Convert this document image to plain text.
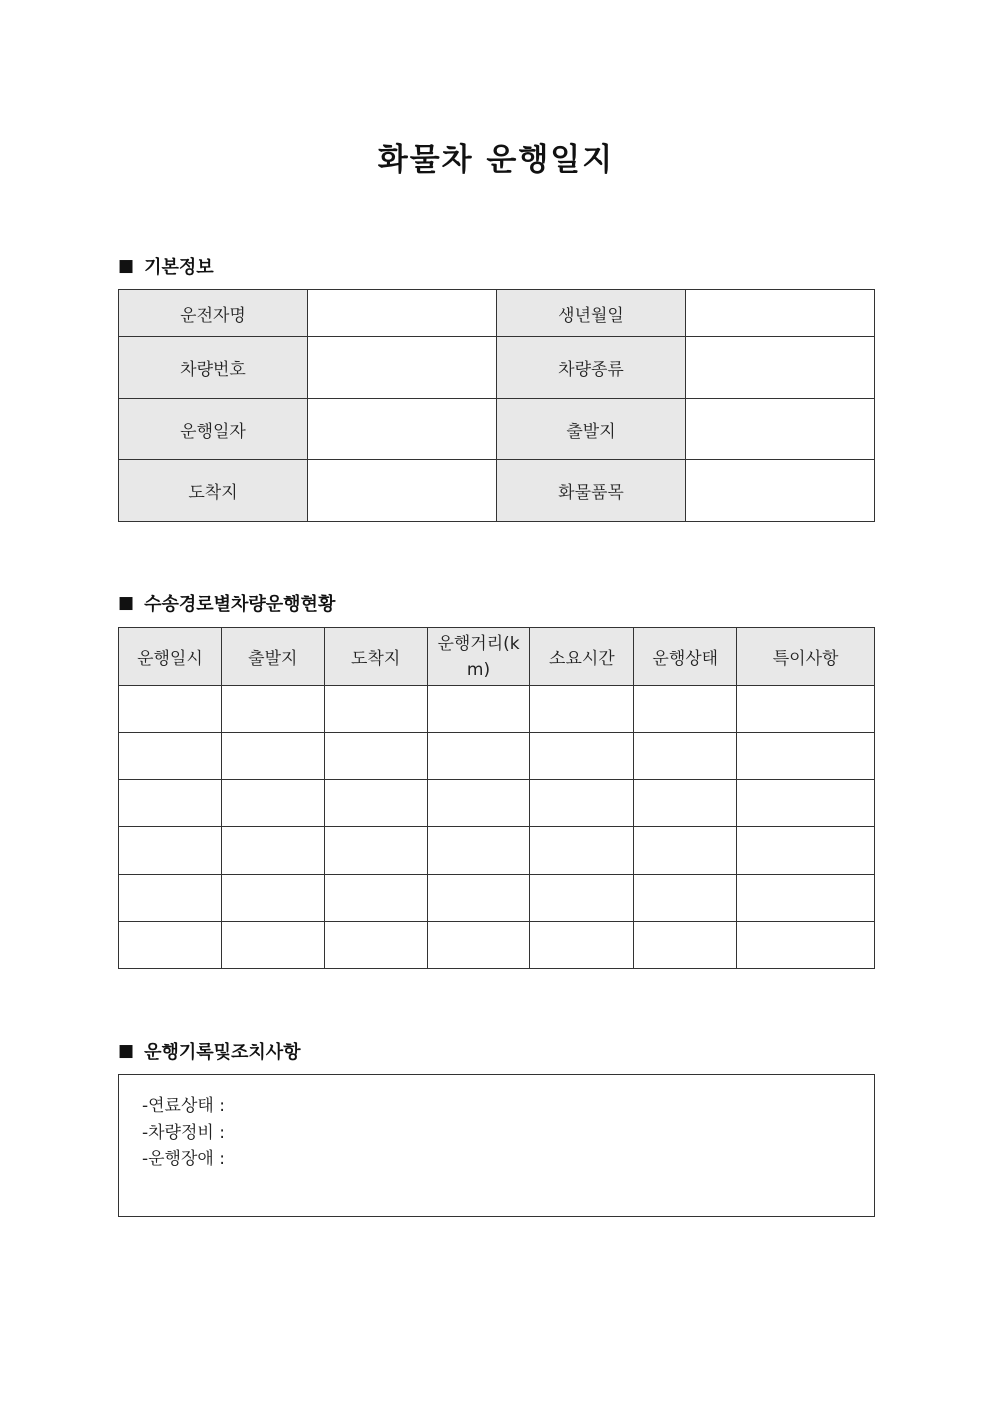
화물차 운행일지
■ 기본정보
운전자명		생년월일	
차량번호		차량종류	
운행일자		출발지	
도착지		화물품목	
■ 수송경로별차량운행현황
운행일시	출발지	도착지	운행거리(km)	소요시간	운행상태	특이사항

■ 운행기록및조치사항
-연료상태 :
-차량정비 :
-운행장애 :
